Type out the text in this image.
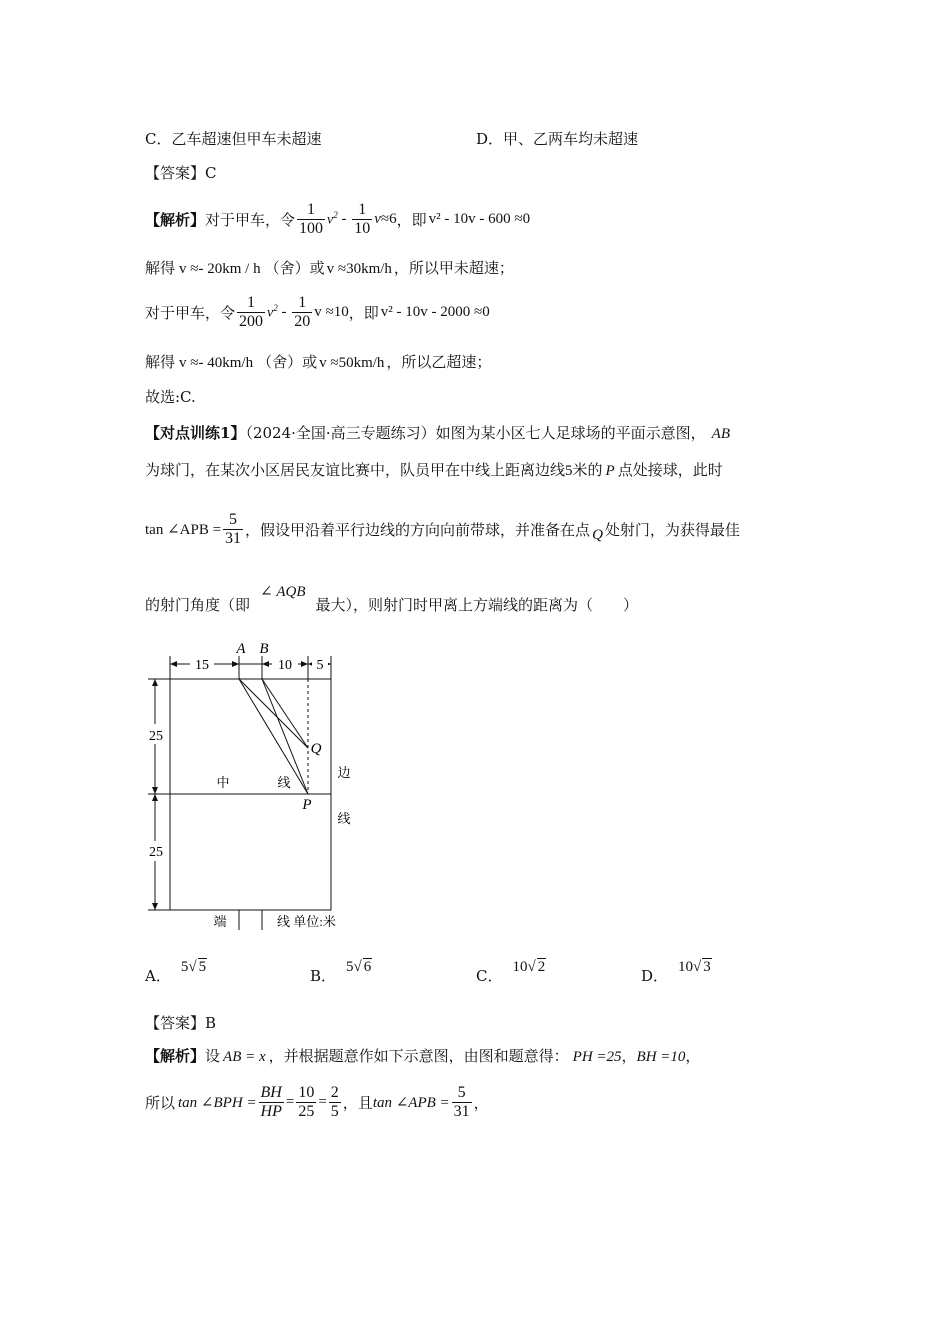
C．乙车超速但甲车未超速	D．甲、乙两车均未超速
【答案】C
【解析】 对于甲车，令 $\frac{1}{100} v^2 - \frac{1}{10}$ v ≈6 ，即 v² - 10v - 600 ≈0
解得 v ≈- 20km / h （舍）或 v ≈30km/h ，所以甲未超速；
对于甲车，令 $\frac{1}{200} v^2 - \frac{1}{20}$ v ≈10 ，即 v² - 10v - 2000 ≈0
解得 v ≈- 40km/h （舍）或 v ≈50km/h ，所以乙超速；
故选:C.
【对点训练1】（2024·全国·高三专题练习）如图为某小区七人足球场的平面示意图， AB
为球门，在某次小区居民友谊比赛中，队员甲在中线上距离边线5米的 P 点处接球，此时
tan ∠APB = $\frac{5}{31}$ ，假设甲沿着平行边线的方向向前带球，并准备在点 Q 处射门，为获得最佳
的射门角度（即∠ AQB最大），则射门时甲离上方端线的距离为（　　）
15	10 5
A B
Q
P
25
25
中	线
边
线
端	线 单位:米
A． 5√ 5	B． 5√ 6	C． 10√ 2	D． 10√ 3
【答案】B
【解析】设 AB = x ，并根据题意作如下示意图，由图和题意得： PH =25，BH =10，
所以 tan ∠BPH = $\frac{BH}{HP} = \frac{10}{25} = \frac{2}{5}$ ，且 tan ∠APB = $\frac{5}{31}$ ，
